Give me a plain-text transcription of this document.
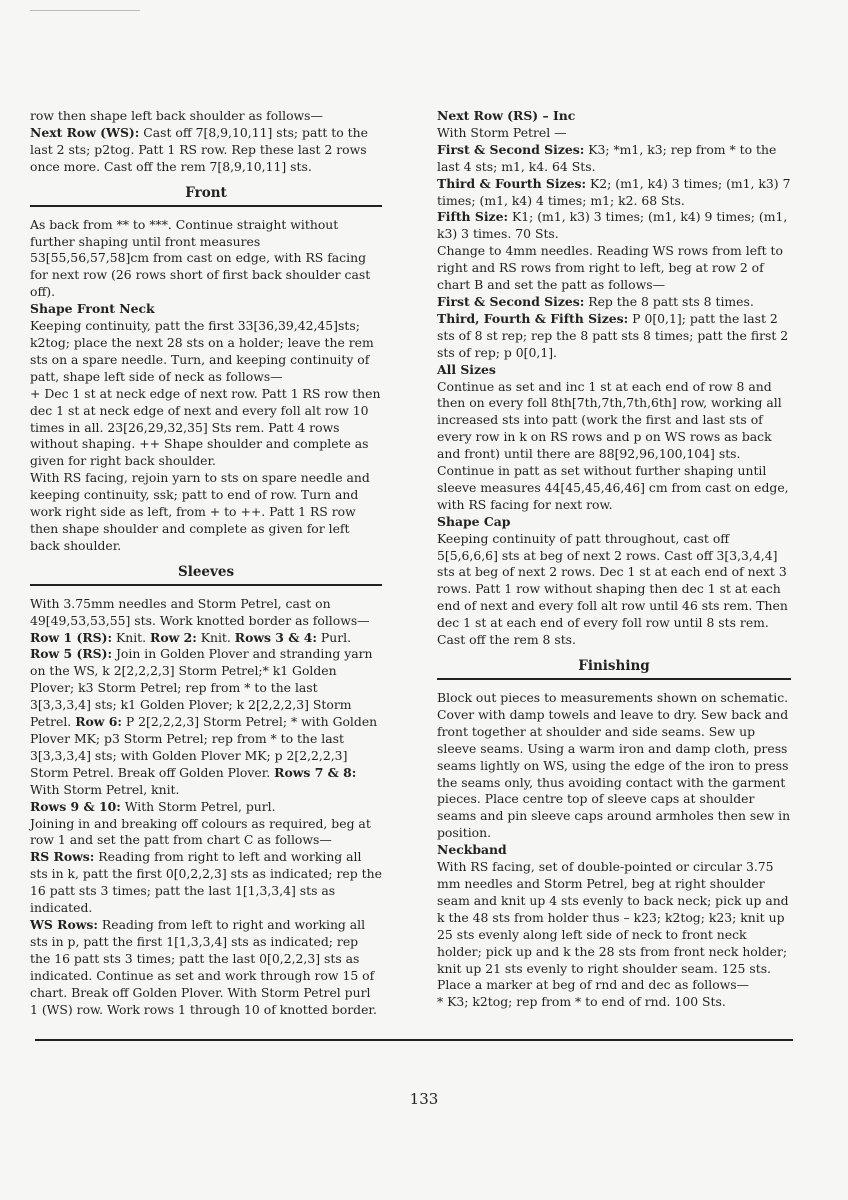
row then shape left back shoulder as follows—

Next Row (WS): Cast off 7[8,9,10,11] sts; patt to the last 2 sts; p2tog. Patt 1 RS row. Rep these last 2 rows once more. Cast off the rem 7[8,9,10,11] sts.

Front

As back from ** to ***. Continue straight without further shaping until front measures 53[55,56,57,58]cm from cast on edge, with RS facing for next row (26 rows short of first back shoulder cast off).

Shape Front Neck

Keeping continuity, patt the first 33[36,39,42,45]sts; k2tog; place the next 28 sts on a holder; leave the rem sts on a spare needle. Turn, and keeping continuity of patt, shape left side of neck as follows—

+ Dec 1 st at neck edge of next row. Patt 1 RS row then dec 1 st at neck edge of next and every foll alt row 10 times in all. 23[26,29,32,35] Sts rem. Patt 4 rows without shaping. ++ Shape shoulder and complete as given for right back shoulder.

With RS facing, rejoin yarn to sts on spare needle and keeping continuity, ssk; patt to end of row. Turn and work right side as left, from + to ++. Patt 1 RS row then shape shoulder and complete as given for left back shoulder.

Sleeves

With 3.75mm needles and Storm Petrel, cast on 49[49,53,53,55] sts. Work knotted border as follows—

Row 1 (RS): Knit. Row 2: Knit. Rows 3 & 4: Purl. Row 5 (RS): Join in Golden Plover and stranding yarn on the WS, k 2[2,2,2,3] Storm Petrel;* k1 Golden Plover; k3 Storm Petrel; rep from * to the last 3[3,3,3,4] sts; k1 Golden Plover; k 2[2,2,2,3] Storm Petrel. Row 6: P 2[2,2,2,3] Storm Petrel; * with Golden Plover MK; p3 Storm Petrel; rep from * to the last 3[3,3,3,4] sts; with Golden Plover MK; p 2[2,2,2,3] Storm Petrel. Break off Golden Plover. Rows 7 & 8: With Storm Petrel, knit.

Rows 9 & 10: With Storm Petrel, purl.

Joining in and breaking off colours as required, beg at row 1 and set the patt from chart C as follows—

RS Rows: Reading from right to left and working all sts in k, patt the first 0[0,2,2,3] sts as indicated; rep the 16 patt sts 3 times; patt the last 1[1,3,3,4] sts as indicated.

WS Rows: Reading from left to right and working all sts in p, patt the first 1[1,3,3,4] sts as indicated; rep the 16 patt sts 3 times; patt the last 0[0,2,2,3] sts as indicated. Continue as set and work through row 15 of chart. Break off Golden Plover. With Storm Petrel purl 1 (WS) row. Work rows 1 through 10 of knotted border.

Next Row (RS) – Inc

With Storm Petrel —

First & Second Sizes: K3; *m1, k3; rep from * to the last 4 sts; m1, k4. 64 Sts.

Third & Fourth Sizes: K2; (m1, k4) 3 times; (m1, k3) 7 times; (m1, k4) 4 times; m1; k2. 68 Sts.

Fifth Size: K1; (m1, k3) 3 times; (m1, k4) 9 times; (m1, k3) 3 times. 70 Sts.

Change to 4mm needles. Reading WS rows from left to right and RS rows from right to left, beg at row 2 of chart B and set the patt as follows—

First & Second Sizes: Rep the 8 patt sts 8 times.

Third, Fourth & Fifth Sizes: P 0[0,1]; patt the last 2 sts of 8 st rep; rep the 8 patt sts 8 times; patt the first 2 sts of rep; p 0[0,1].

All Sizes

Continue as set and inc 1 st at each end of row 8 and then on every foll 8th[7th,7th,7th,6th] row, working all increased sts into patt (work the first and last sts of every row in k on RS rows and p on WS rows as back and front) until there are 88[92,96,100,104] sts. Continue in patt as set without further shaping until sleeve measures 44[45,45,46,46] cm from cast on edge, with RS facing for next row.

Shape Cap

Keeping continuity of patt throughout, cast off 5[5,6,6,6] sts at beg of next 2 rows. Cast off 3[3,3,4,4] sts at beg of next 2 rows. Dec 1 st at each end of next 3 rows. Patt 1 row without shaping then dec 1 st at each end of next and every foll alt row until 46 sts rem. Then dec 1 st at each end of every foll row until 8 sts rem. Cast off the rem 8 sts.

Finishing

Block out pieces to measurements shown on schematic. Cover with damp towels and leave to dry. Sew back and front together at shoulder and side seams. Sew up sleeve seams. Using a warm iron and damp cloth, press seams lightly on WS, using the edge of the iron to press the seams only, thus avoiding contact with the garment pieces. Place centre top of sleeve caps at shoulder seams and pin sleeve caps around armholes then sew in position.

Neckband

With RS facing, set of double-pointed or circular 3.75 mm needles and Storm Petrel, beg at right shoulder seam and knit up 4 sts evenly to back neck; pick up and k the 48 sts from holder thus – k23; k2tog; k23; knit up 25 sts evenly along left side of neck to front neck holder; pick up and k the 28 sts from front neck holder; knit up 21 sts evenly to right shoulder seam. 125 sts. Place a marker at beg of rnd and dec as follows—

* K3; k2tog; rep from * to end of rnd. 100 Sts.

133
